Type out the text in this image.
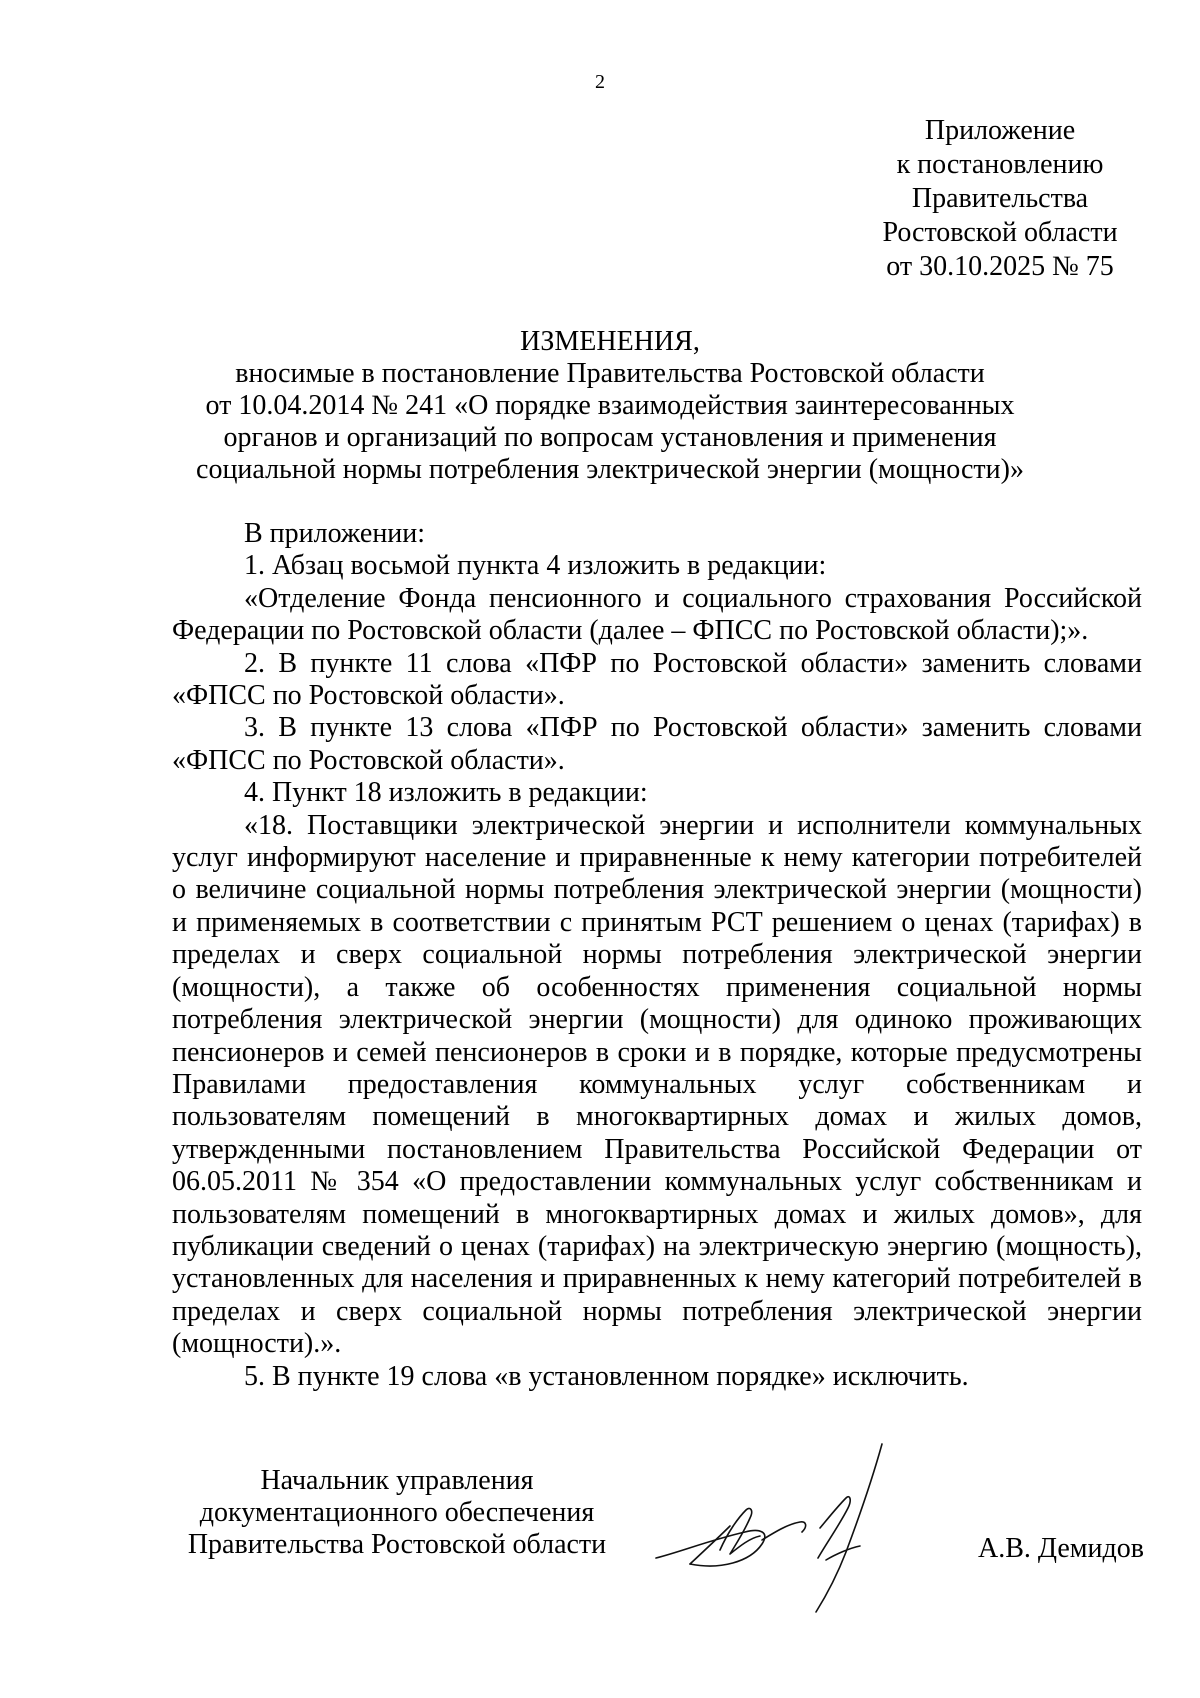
2
Приложение
к постановлению
Правительства
Ростовской области
от 30.10.2025 № 75
ИЗМЕНЕНИЯ,
вносимые в постановление Правительства Ростовской области
от 10.04.2014 № 241 «О порядке взаимодействия заинтересованных
органов и организаций по вопросам установления и применения
социальной нормы потребления электрической энергии (мощности)»

В приложении:

1. Абзац восьмой пункта 4 изложить в редакции:

«Отделение Фонда пенсионного и социального страхования Российской Федерации по Ростовской области (далее – ФПСС по Ростовской области);».

2. В пункте 11 слова «ПФР по Ростовской области» заменить словами «ФПСС по Ростовской области».

3. В пункте 13 слова «ПФР по Ростовской области» заменить словами «ФПСС по Ростовской области».

4. Пункт 18 изложить в редакции:

«18. Поставщики электрической энергии и исполнители коммунальных услуг информируют население и приравненные к нему категории потребителей о величине социальной нормы потребления электрической энергии (мощности) и применяемых в соответствии с принятым РСТ решением о ценах (тарифах) в пределах и сверх социальной нормы потребления электрической энергии (мощности), а также об особенностях применения социальной нормы потребления электрической энергии (мощности) для одиноко проживающих пенсионеров и семей пенсионеров в сроки и в порядке, которые предусмотрены Правилами предоставления коммунальных услуг собственникам и пользователям помещений в многоквартирных домах и жилых домов, утвержденными постановлением Правительства Российской Федерации от 06.05.2011 № 354 «О предоставлении коммунальных услуг собственникам и пользователям помещений в многоквартирных домах и жилых домов», для публикации сведений о ценах (тарифах) на электрическую энергию (мощность), установленных для населения и приравненных к нему категорий потребителей в пределах и сверх социальной нормы потребления электрической энергии (мощности).».

5. В пункте 19 слова «в установленном порядке» исключить.

Начальник управления
документационного обеспечения
Правительства Ростовской области	А.В. Демидов
